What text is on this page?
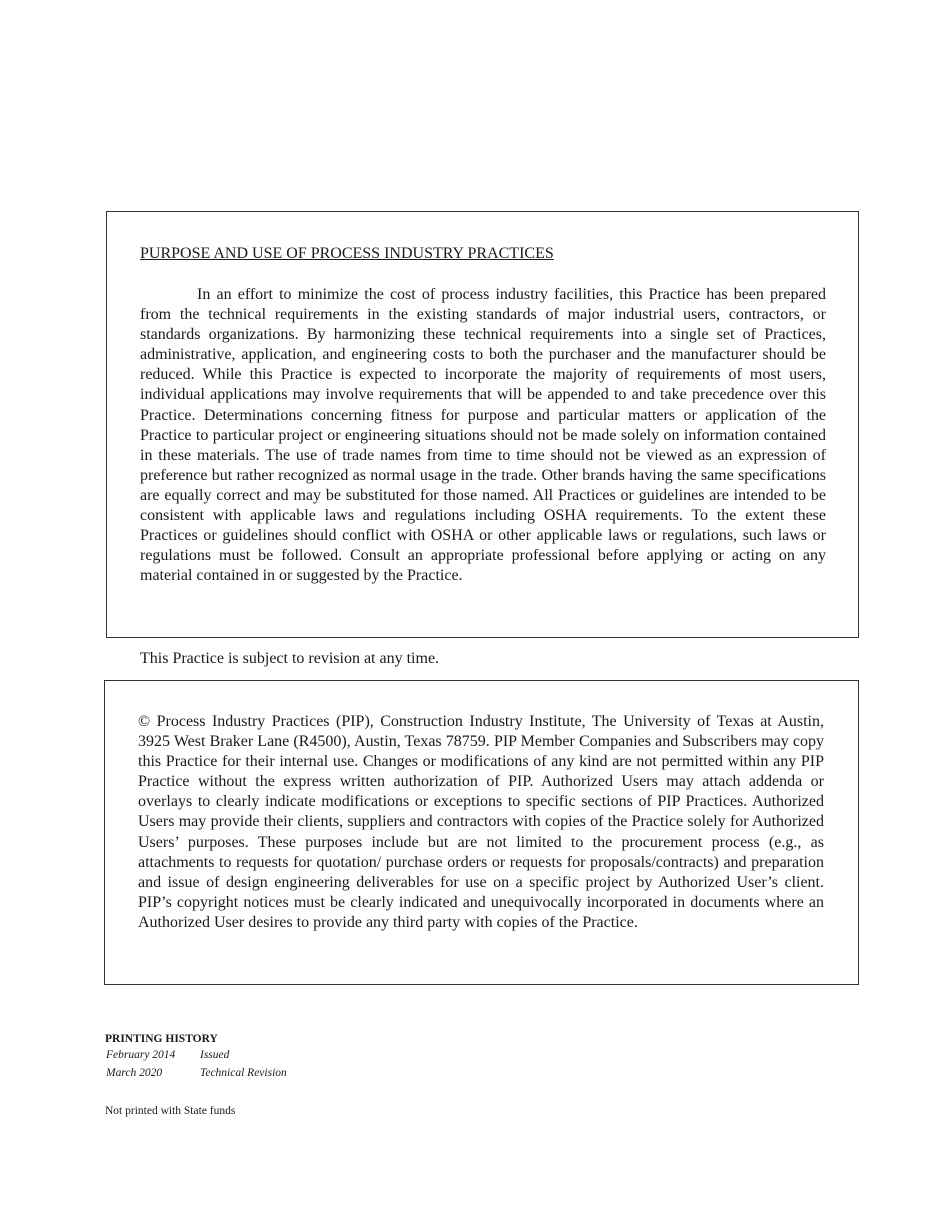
PURPOSE AND USE OF PROCESS INDUSTRY PRACTICES

In an effort to minimize the cost of process industry facilities, this Practice has been prepared from the technical requirements in the existing standards of major industrial users, contractors, or standards organizations. By harmonizing these technical requirements into a single set of Practices, administrative, application, and engineering costs to both the purchaser and the manufacturer should be reduced. While this Practice is expected to incorporate the majority of requirements of most users, individual applications may involve requirements that will be appended to and take precedence over this Practice. Determinations concerning fitness for purpose and particular matters or application of the Practice to particular project or engineering situations should not be made solely on information contained in these materials. The use of trade names from time to time should not be viewed as an expression of preference but rather recognized as normal usage in the trade. Other brands having the same specifications are equally correct and may be substituted for those named. All Practices or guidelines are intended to be consistent with applicable laws and regulations including OSHA requirements. To the extent these Practices or guidelines should conflict with OSHA or other applicable laws or regulations, such laws or regulations must be followed. Consult an appropriate professional before applying or acting on any material contained in or suggested by the Practice.

This Practice is subject to revision at any time.

© Process Industry Practices (PIP), Construction Industry Institute, The University of Texas at Austin, 3925 West Braker Lane (R4500), Austin, Texas 78759. PIP Member Companies and Subscribers may copy this Practice for their internal use. Changes or modifications of any kind are not permitted within any PIP Practice without the express written authorization of PIP. Authorized Users may attach addenda or overlays to clearly indicate modifications or exceptions to specific sections of PIP Practices. Authorized Users may provide their clients, suppliers and contractors with copies of the Practice solely for Authorized Users’ purposes. These purposes include but are not limited to the procurement process (e.g., as attachments to requests for quotation/ purchase orders or requests for proposals/contracts) and preparation and issue of design engineering deliverables for use on a specific project by Authorized User’s client. PIP’s copyright notices must be clearly indicated and unequivocally incorporated in documents where an Authorized User desires to provide any third party with copies of the Practice.

PRINTING HISTORY
February 2014 Issued
March 2020	Technical Revision
Not printed with State funds
